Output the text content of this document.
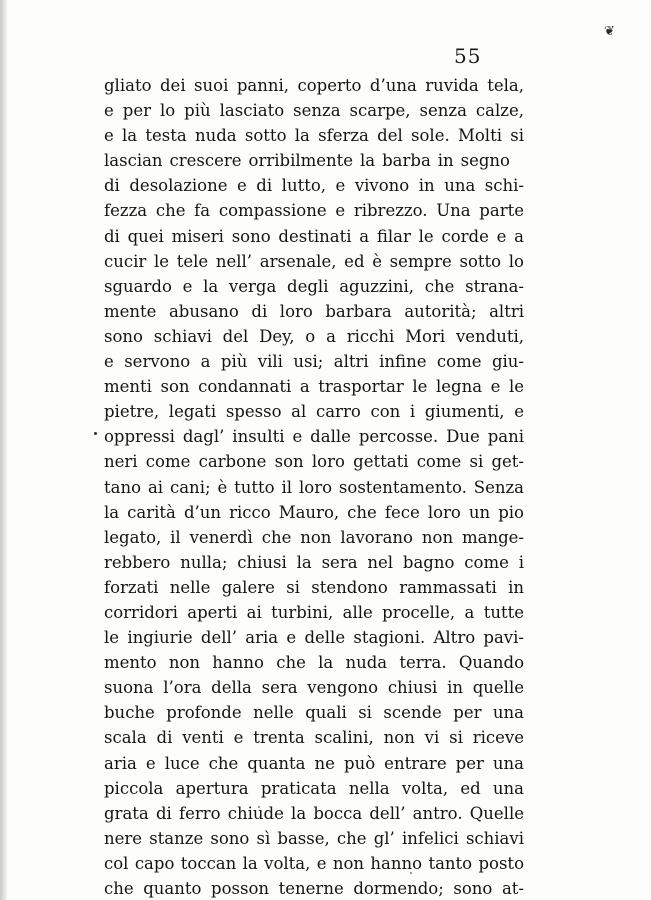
❦
55
gliato dei suoi panni, coperto d’una ruvida tela,
e per lo più lasciato senza scarpe, senza calze,
e la testa nuda sotto la sferza del sole. Molti si
lascian crescere orribilmente la barba in segno
di desolazione e di lutto, e vivono in una schi-
fezza che fa compassione e ribrezzo. Una parte
di quei miseri sono destinati a filar le corde e a
cucir le tele nell’ arsenale, ed è sempre sotto lo
sguardo e la verga degli aguzzini, che strana-
mente abusano di loro barbara autorità; altri
sono schiavi del Dey, o a ricchi Mori venduti,
e servono a più vili usi; altri infine come giu-
menti son condannati a trasportar le legna e le
pietre, legati spesso al carro con i giumenti, e
oppressi dagl’ insulti e dalle percosse. Due pani
neri come carbone son loro gettati come si get-
tano ai cani; è tutto il loro sostentamento. Senza
la carità d’un ricco Mauro, che fece loro un pio
legato, il venerdì che non lavorano non mange-
rebbero nulla; chiusi la sera nel bagno come i
forzati nelle galere si stendono rammassati in
corridori aperti ai turbini, alle procelle, a tutte
le ingiurie dell’ aria e delle stagioni. Altro pavi-
mento non hanno che la nuda terra. Quando
suona l’ora della sera vengono chiusi in quelle
buche profonde nelle quali si scende per una
scala di venti e trenta scalini, non vi si riceve
aria e luce che quanta ne può entrare per una
piccola apertura praticata nella volta, ed una
grata di ferro chiude la bocca dell’ antro. Quelle
nere stanze sono sì basse, che gl’ infelici schiavi
col capo toccan la volta, e non hanno tanto posto
che quanto posson tenerne dormendo; sono at-
